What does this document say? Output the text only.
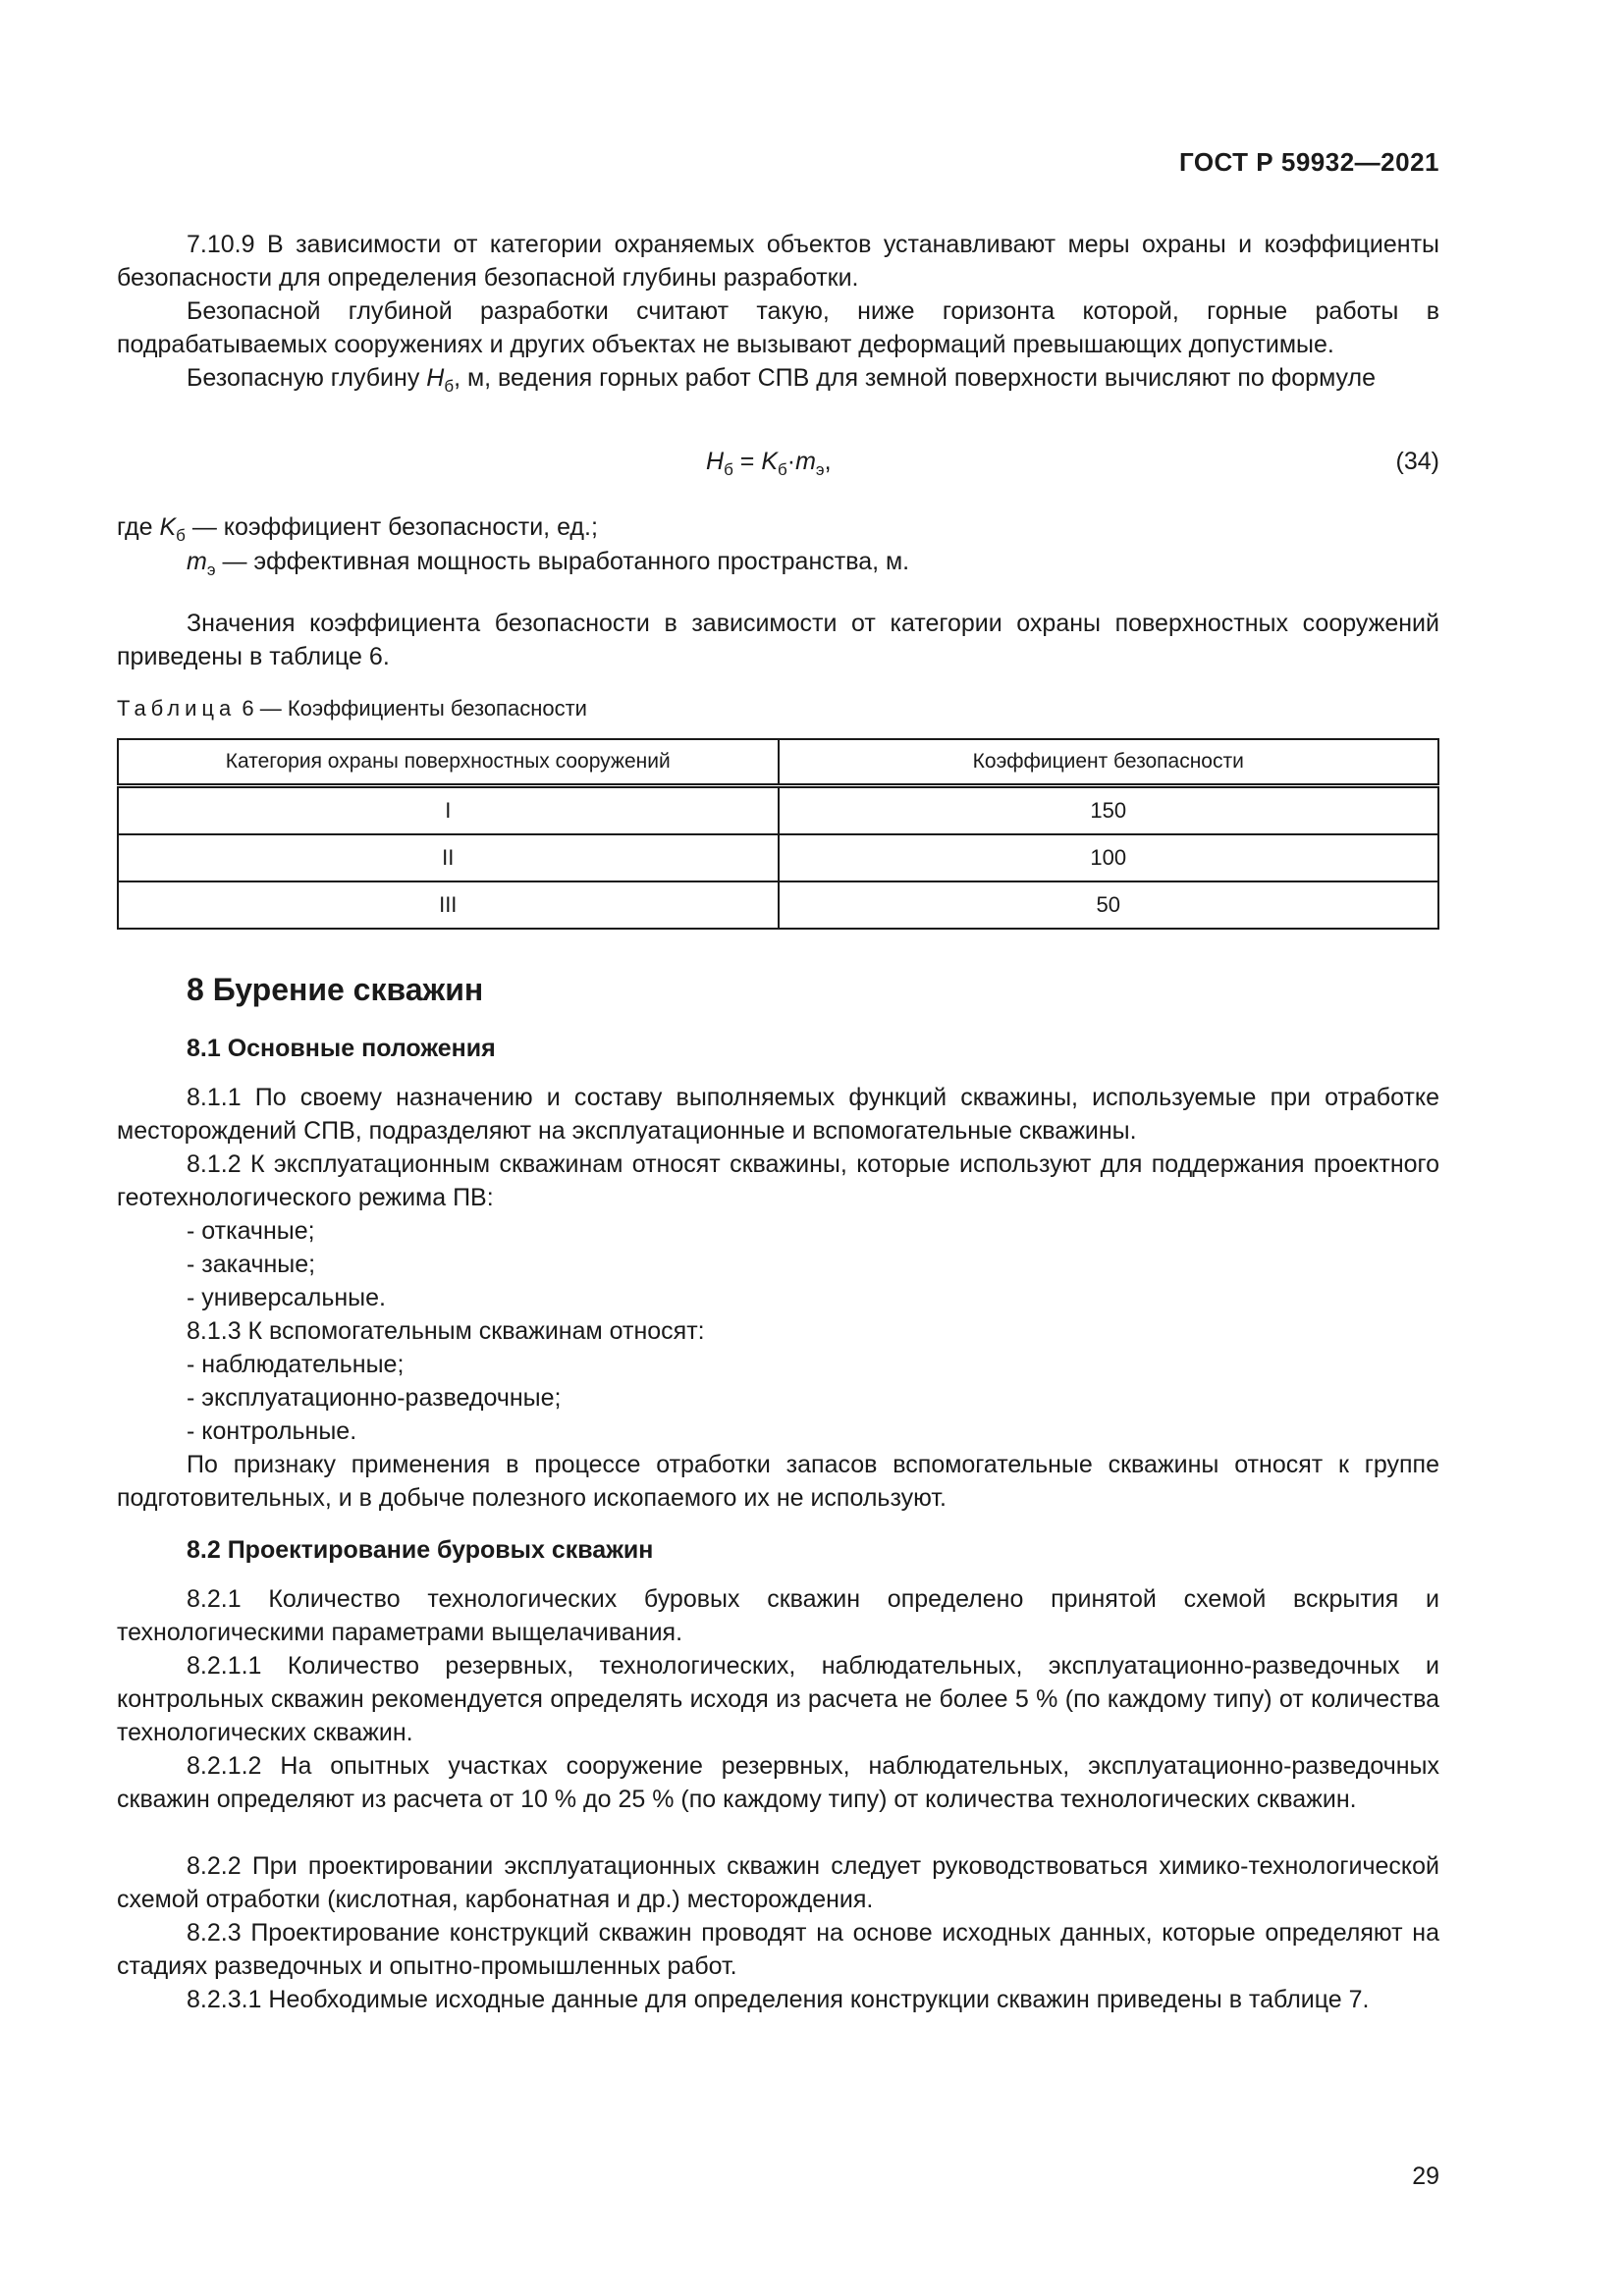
ГОСТ Р 59932—2021
7.10.9 В зависимости от категории охраняемых объектов устанавливают меры охраны и коэффициенты безопасности для определения безопасной глубины разработки.
Безопасной глубиной разработки считают такую, ниже горизонта которой, горные работы в подрабатываемых сооружениях и других объектах не вызывают деформаций превышающих допустимые.
Безопасную глубину $H_б$, м, ведения горных работ СПВ для земной поверхности вычисляют по формуле
$H_б = K_б\cdot m_э$,	(34)
где $K_б$ — коэффициент безопасности, ед.;
$m_э$ — эффективная мощность выработанного пространства, м.
Значения коэффициента безопасности в зависимости от категории охраны поверхностных сооружений приведены в таблице 6.
Таблица 6 — Коэффициенты безопасности
Категория охраны поверхностных сооружений	Коэффициент безопасности
I	150
II	100
III	50
8 Бурение скважин
8.1 Основные положения
8.1.1 По своему назначению и составу выполняемых функций скважины, используемые при отработке месторождений СПВ, подразделяют на эксплуатационные и вспомогательные скважины.
8.1.2 К эксплуатационным скважинам относят скважины, которые используют для поддержания проектного геотехнологического режима ПВ:
- откачные;
- закачные;
- универсальные.
8.1.3 К вспомогательным скважинам относят:
- наблюдательные;
- эксплуатационно-разведочные;
- контрольные.
По признаку применения в процессе отработки запасов вспомогательные скважины относят к группе подготовительных, и в добыче полезного ископаемого их не используют.
8.2 Проектирование буровых скважин
8.2.1 Количество технологических буровых скважин определено принятой схемой вскрытия и технологическими параметрами выщелачивания.
8.2.1.1 Количество резервных, технологических, наблюдательных, эксплуатационно-разведочных и контрольных скважин рекомендуется определять исходя из расчета не более 5 % (по каждому типу) от количества технологических скважин.
8.2.1.2 На опытных участках сооружение резервных, наблюдательных, эксплуатационно-разведочных скважин определяют из расчета от 10 % до 25 % (по каждому типу) от количества технологических скважин.
8.2.2 При проектировании эксплуатационных скважин следует руководствоваться химико-технологической схемой отработки (кислотная, карбонатная и др.) месторождения.
8.2.3 Проектирование конструкций скважин проводят на основе исходных данных, которые определяют на стадиях разведочных и опытно-промышленных работ.
8.2.3.1 Необходимые исходные данные для определения конструкции скважин приведены в таблице 7.
29
